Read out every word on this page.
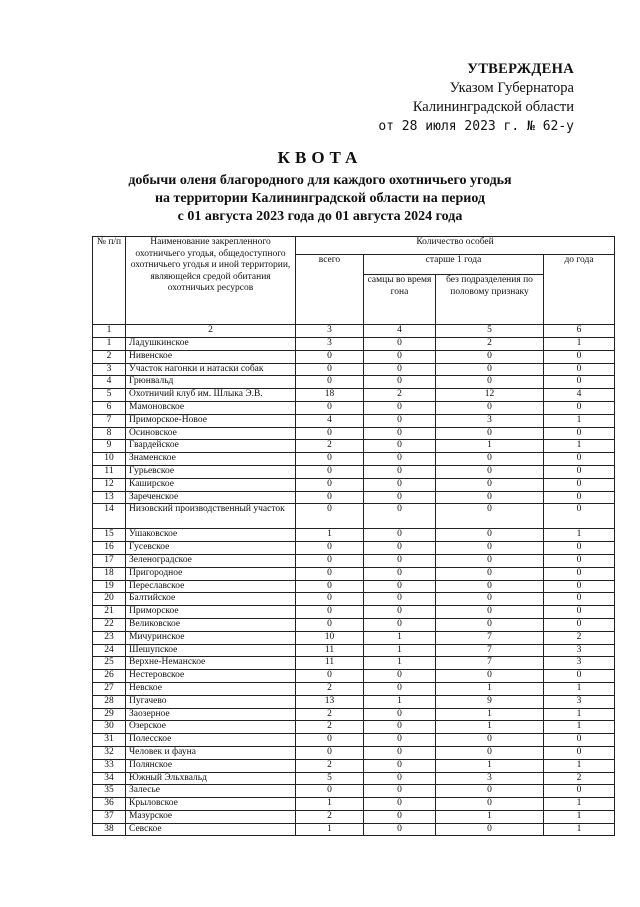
УТВЕРЖДЕНА
Указом Губернатора
Калининградской области
от 28 июля 2023 г. № 62-у
КВОТА
добычи оленя благородного для каждого охотничьего угодья
на территории Калининградской области на период
с 01 августа 2023 года до 01 августа 2024 года
№ п/п	Наименование закрепленного охотничьего угодья, общедоступного охотничьего угодья и иной территории, являющейся средой обитания охотничьих ресурсов	Количество особей			
		всего	старше 1 года		до года
			самцы во время гона	без подразделения по половому признаку	
1	2	3	4	5	6
1	Ладушкинское	3	0	2	1
2	Нивенское	0	0	0	0
3	Участок нагонки и натаски собак	0	0	0	0
4	Грюнвальд	0	0	0	0
5	Охотничий клуб им. Шлыка Э.В.	18	2	12	4
6	Мамоновское	0	0	0	0
7	Приморское-Новое	4	0	3	1
8	Осиновское	0	0	0	0
9	Гвардейское	2	0	1	1
10	Знаменское	0	0	0	0
11	Гурьевское	0	0	0	0
12	Каширское	0	0	0	0
13	Зареченское	0	0	0	0
14	Низовский производственный участок	0	0	0	0
15	Ушаковское	1	0	0	1
16	Гусевское	0	0	0	0
17	Зеленоградское	0	0	0	0
18	Пригородное	0	0	0	0
19	Переславское	0	0	0	0
20	Балтийское	0	0	0	0
21	Приморское	0	0	0	0
22	Великовское	0	0	0	0
23	Мичуринское	10	1	7	2
24	Шешупское	11	1	7	3
25	Верхне-Неманское	11	1	7	3
26	Нестеровское	0	0	0	0
27	Невское	2	0	1	1
28	Пугачево	13	1	9	3
29	Заозерное	2	0	1	1
30	Озерское	2	0	1	1
31	Полесское	0	0	0	0
32	Человек и фауна	0	0	0	0
33	Полянское	2	0	1	1
34	Южный Эльхвальд	5	0	3	2
35	Залесье	0	0	0	0
36	Крыловское	1	0	0	1
37	Мазурское	2	0	1	1
38	Севское	1	0	0	1
